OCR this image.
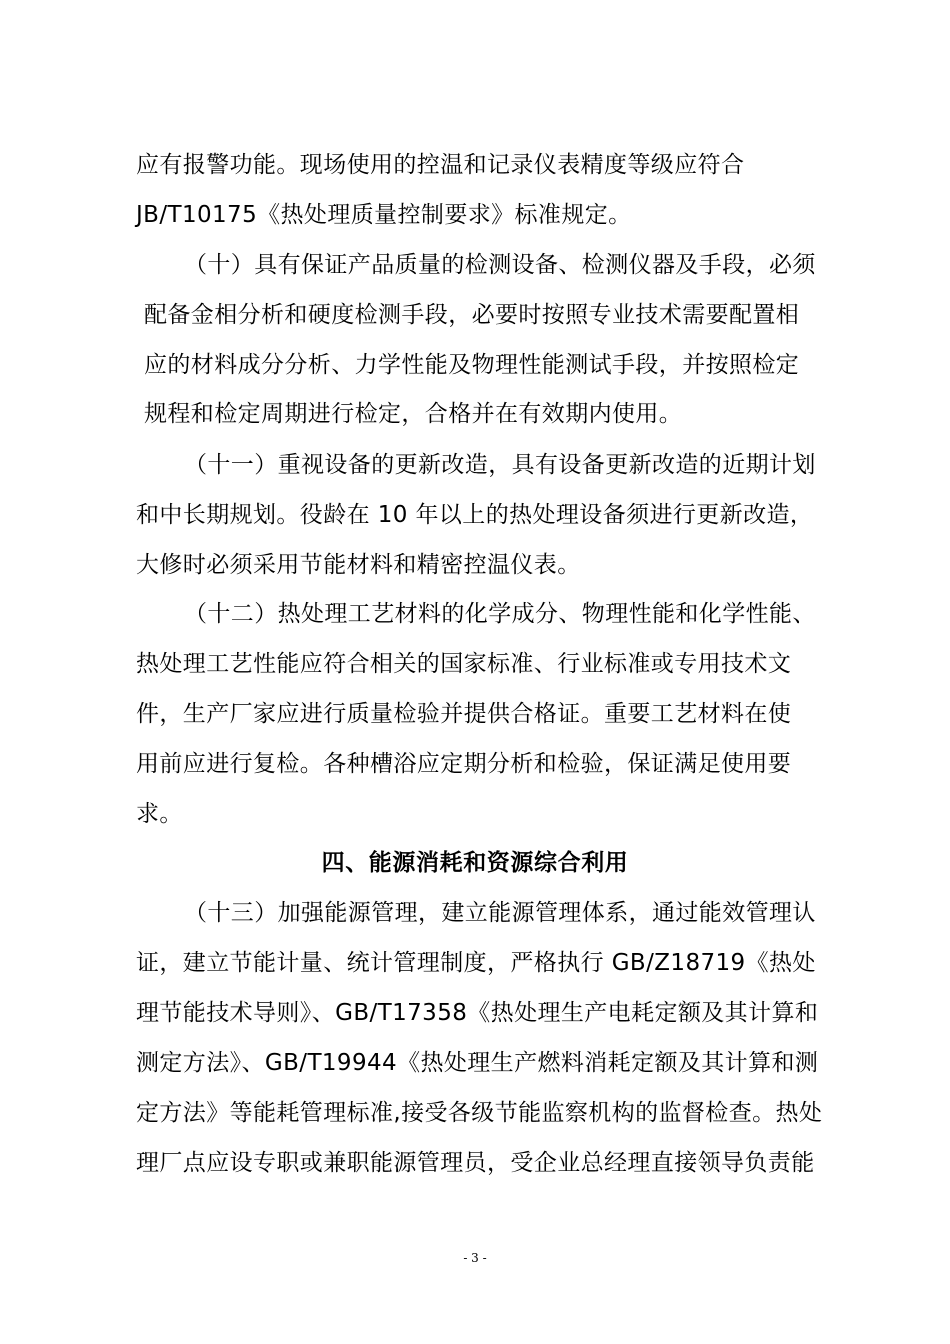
应有报警功能。现场使用的控温和记录仪表精度等级应符合
JB/T10175《热处理质量控制要求》标准规定。
（十）具有保证产品质量的检测设备、检测仪器及手段，必须
配备金相分析和硬度检测手段，必要时按照专业技术需要配置相
应的材料成分分析、力学性能及物理性能测试手段，并按照检定
规程和检定周期进行检定，合格并在有效期内使用。
（十一）重视设备的更新改造，具有设备更新改造的近期计划
和中长期规划。役龄在 10 年以上的热处理设备须进行更新改造，
大修时必须采用节能材料和精密控温仪表。
（十二）热处理工艺材料的化学成分、物理性能和化学性能、
热处理工艺性能应符合相关的国家标准、行业标准或专用技术文
件，生产厂家应进行质量检验并提供合格证。重要工艺材料在使
用前应进行复检。各种槽浴应定期分析和检验，保证满足使用要
求。
四、能源消耗和资源综合利用
（十三）加强能源管理，建立能源管理体系，通过能效管理认
证，建立节能计量、统计管理制度，严格执行 GB/Z18719《热处
理节能技术导则》、GB/T17358《热处理生产电耗定额及其计算和
测定方法》、GB/T19944《热处理生产燃料消耗定额及其计算和测
定方法》等能耗管理标准,接受各级节能监察机构的监督检查。热处
理厂点应设专职或兼职能源管理员，受企业总经理直接领导负责能
- 3 -
